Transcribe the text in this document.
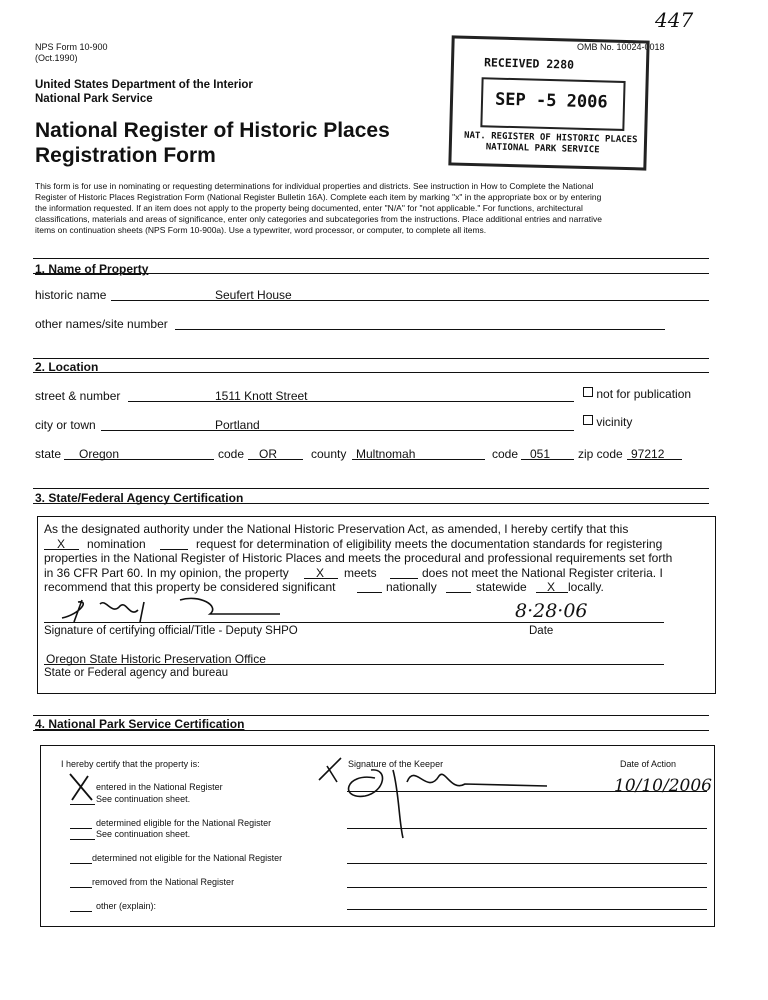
NPS Form 10-900
(Oct.1990)
OMB No. 10024-0018
447
United States Department of the Interior
National Park Service
National Register of Historic Places
Registration Form
RECEIVED 2280
SEP -5 2006
NAT. REGISTER OF HISTORIC PLACES
NATIONAL PARK SERVICE
This form is for use in nominating or requesting determinations for individual properties and districts. See instruction in How to Complete the National
Register of Historic Places Registration Form (National Register Bulletin 16A). Complete each item by marking "x" in the appropriate box or by entering
the information requested. If an item does not apply to the property being documented, enter "N/A" for "not applicable." For functions, architectural
classifications, materials and areas of significance, enter only categories and subcategories from the instructions. Place additional entries and narrative
items on continuation sheets (NPS Form 10-900a). Use a typewriter, word processor, or computer, to complete all items.
1. Name of Property
historic name	Seufert House
other names/site number
2. Location
street & number	1511 Knott Street	not for publication
city or town	Portland	vicinity
state Oregon	code OR	county Multnomah	code 051 zip code 97212
3. State/Federal Agency Certification
As the designated authority under the National Historic Preservation Act, as amended, I hereby certify that this
X nomination	request for determination of eligibility meets the documentation standards for registering
properties in the National Register of Historic Places and meets the procedural and professional requirements set forth
in 36 CFR Part 60. In my opinion, the property X meets	does not meet the National Register criteria. I
recommend that this property be considered significant	nationally	statewide X locally.
8·28·06
Signature of certifying official/Title - Deputy SHPO	Date
Oregon State Historic Preservation Office
State or Federal agency and bureau
4. National Park Service Certification
I hereby certify that the property is:
entered in the National Register
See continuation sheet.
determined eligible for the National Register
See continuation sheet.
determined not eligible for the National Register
removed from the National Register
other (explain):
Signature of the Keeper	Date of Action
10/10/2006
